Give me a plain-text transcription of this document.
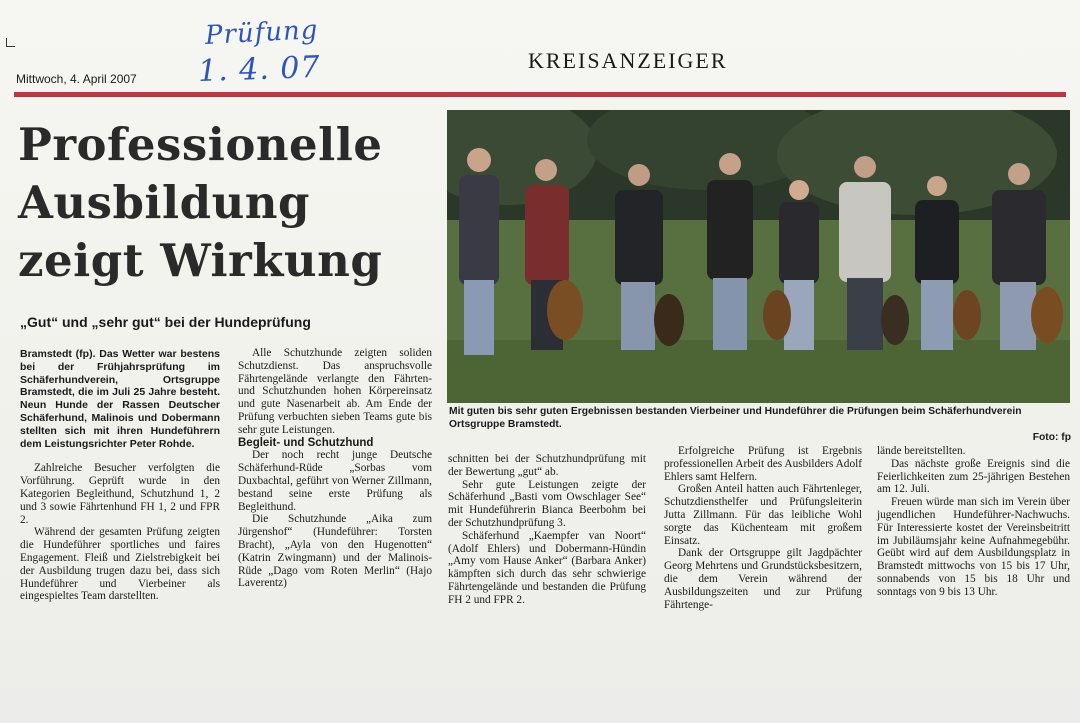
Prüfung
1. 4. 07
Mittwoch, 4. April 2007
KREISANZEIGER
Professionelle Ausbildung zeigt Wirkung
„Gut“ und „sehr gut“ bei der Hundeprüfung
Mit guten bis sehr guten Ergebnissen bestanden Vierbeiner und Hundeführer die Prüfungen beim Schäferhundverein Ortsgruppe Bramstedt.
Foto: fp

Bramstedt (fp). Das Wetter war bestens bei der Frühjahrsprüfung im Schäferhundverein, Ortsgruppe Bramstedt, die im Juli 25 Jahre besteht. Neun Hunde der Rassen Deutscher Schäferhund, Malinois und Dobermann stellten sich mit ihren Hundeführern dem Leistungsrichter Peter Rohde.

Zahlreiche Besucher verfolgten die Vorführung. Geprüft wurde in den Kategorien Begleithund, Schutzhund 1, 2 und 3 sowie Fährtenhund FH 1, 2 und FPR 2.

Während der gesamten Prüfung zeigten die Hundeführer sportliches und faires Engagement. Fleiß und Zielstrebigkeit bei der Ausbildung trugen dazu bei, dass sich Hundeführer und Vierbeiner als eingespieltes Team darstellten.

Alle Schutzhunde zeigten soliden Schutzdienst. Das anspruchsvolle Fährtengelände verlangte den Fährten- und Schutzhunden hohen Körpereinsatz und gute Nasenarbeit ab. Am Ende der Prüfung verbuchten sieben Teams gute bis sehr gute Leistungen.

Begleit- und Schutzhund

Der noch recht junge Deutsche Schäferhund-Rüde „Sorbas vom Duxbachtal, geführt von Werner Zillmann, bestand seine erste Prüfung als Begleithund.

Die Schutzhunde „Aika zum Jürgenshof“ (Hundeführer: Torsten Bracht), „Ayla von den Hugenotten“ (Katrin Zwingmann) und der Malinois-Rüde „Dago vom Roten Merlin“ (Hajo Laverentz)

schnitten bei der Schutzhundprüfung mit der Bewertung „gut“ ab.

Sehr gute Leistungen zeigte der Schäferhund „Basti vom Owschlager See“ mit Hundeführerin Bianca Beerbohm bei der Schutzhundprüfung 3.

Schäferhund „Kaempfer van Noort“ (Adolf Ehlers) und Dobermann-Hündin „Amy vom Hause Anker“ (Barbara Anker) kämpften sich durch das sehr schwierige Fährtengelände und bestanden die Prüfung FH 2 und FPR 2.

Erfolgreiche Prüfung ist Ergebnis professionellen Arbeit des Ausbilders Adolf Ehlers samt Helfern.

Großen Anteil hatten auch Fährtenleger, Schutzdiensthelfer und Prüfungsleiterin Jutta Zillmann. Für das leibliche Wohl sorgte das Küchenteam mit großem Einsatz.

Dank der Ortsgruppe gilt Jagdpächter Georg Mehrtens und Grundstücksbesitzern, die dem Verein während der Ausbildungszeiten und zur Prüfung Fährtenge-

lände bereitstellten.

Das nächste große Ereignis sind die Feierlichkeiten zum 25-jährigen Bestehen am 12. Juli.

Freuen würde man sich im Verein über jugendlichen Hundeführer-Nachwuchs. Für Interessierte kostet der Vereinsbeitritt im Jubiläumsjahr keine Aufnahmegebühr. Geübt wird auf dem Ausbildungsplatz in Bramstedt mittwochs von 15 bis 17 Uhr, sonnabends von 15 bis 18 Uhr und sonntags von 9 bis 13 Uhr.
